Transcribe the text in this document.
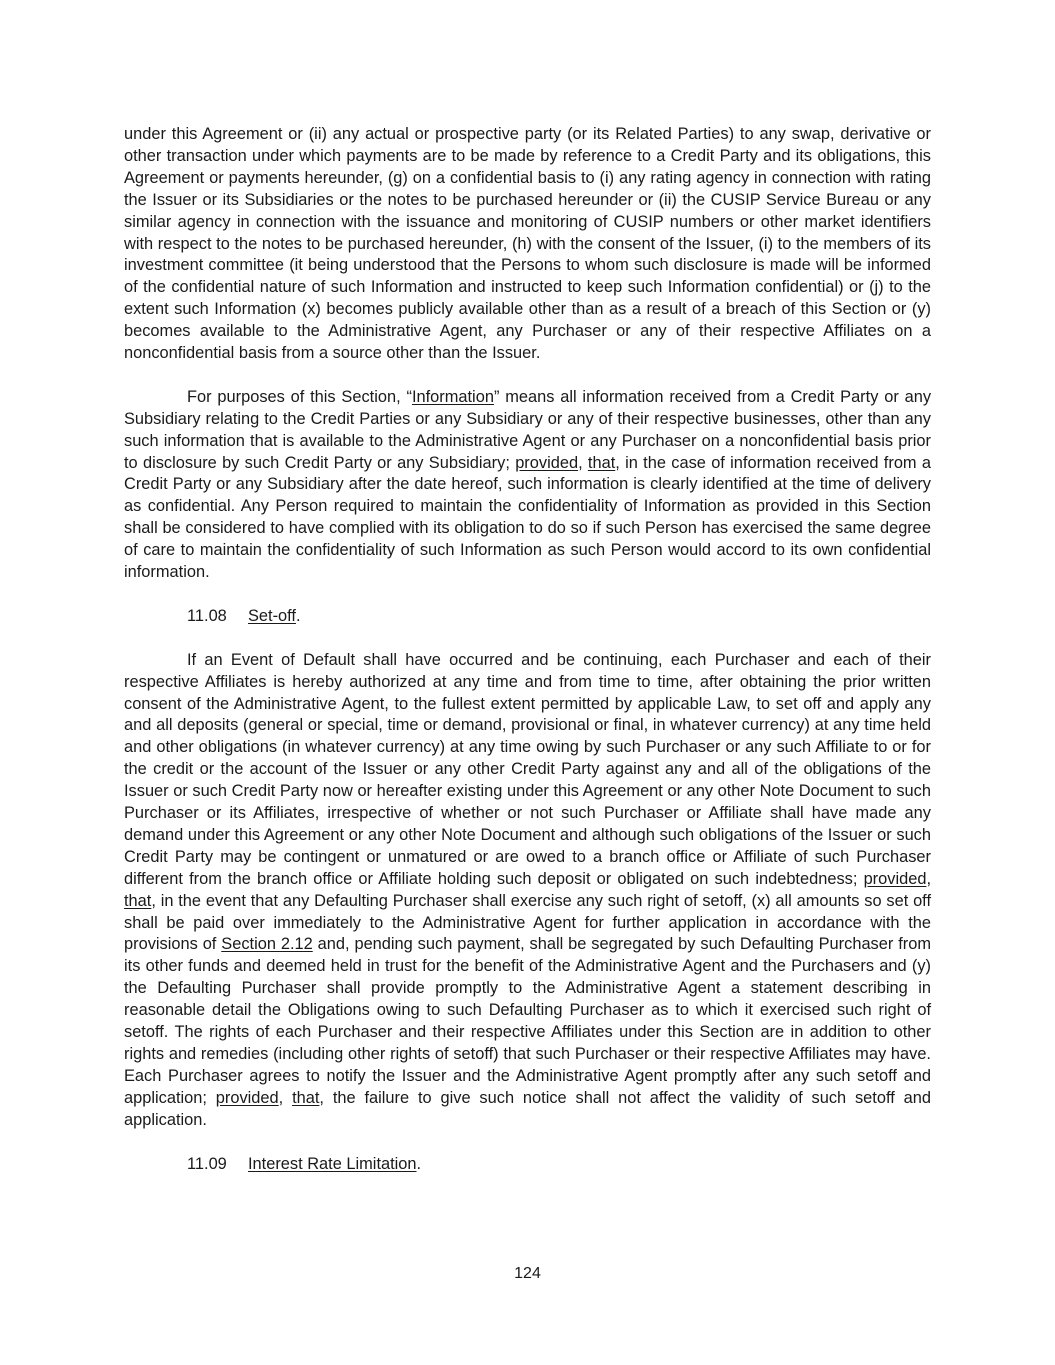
under this Agreement or (ii) any actual or prospective party (or its Related Parties) to any swap, derivative or other transaction under which payments are to be made by reference to a Credit Party and its obligations, this Agreement or payments hereunder, (g) on a confidential basis to (i) any rating agency in connection with rating the Issuer or its Subsidiaries or the notes to be purchased hereunder or (ii) the CUSIP Service Bureau or any similar agency in connection with the issuance and monitoring of CUSIP numbers or other market identifiers with respect to the notes to be purchased hereunder, (h) with the consent of the Issuer, (i) to the members of its investment committee (it being understood that the Persons to whom such disclosure is made will be informed of the confidential nature of such Information and instructed to keep such Information confidential) or (j) to the extent such Information (x) becomes publicly available other than as a result of a breach of this Section or (y) becomes available to the Administrative Agent, any Purchaser or any of their respective Affiliates on a nonconfidential basis from a source other than the Issuer.

For purposes of this Section, “Information” means all information received from a Credit Party or any Subsidiary relating to the Credit Parties or any Subsidiary or any of their respective businesses, other than any such information that is available to the Administrative Agent or any Purchaser on a nonconfidential basis prior to disclosure by such Credit Party or any Subsidiary; provided, that, in the case of information received from a Credit Party or any Subsidiary after the date hereof, such information is clearly identified at the time of delivery as confidential. Any Person required to maintain the confidentiality of Information as provided in this Section shall be considered to have complied with its obligation to do so if such Person has exercised the same degree of care to maintain the confidentiality of such Information as such Person would accord to its own confidential information.

11.08 Set-off.

If an Event of Default shall have occurred and be continuing, each Purchaser and each of their respective Affiliates is hereby authorized at any time and from time to time, after obtaining the prior written consent of the Administrative Agent, to the fullest extent permitted by applicable Law, to set off and apply any and all deposits (general or special, time or demand, provisional or final, in whatever currency) at any time held and other obligations (in whatever currency) at any time owing by such Purchaser or any such Affiliate to or for the credit or the account of the Issuer or any other Credit Party against any and all of the obligations of the Issuer or such Credit Party now or hereafter existing under this Agreement or any other Note Document to such Purchaser or its Affiliates, irrespective of whether or not such Purchaser or Affiliate shall have made any demand under this Agreement or any other Note Document and although such obligations of the Issuer or such Credit Party may be contingent or unmatured or are owed to a branch office or Affiliate of such Purchaser different from the branch office or Affiliate holding such deposit or obligated on such indebtedness; provided, that, in the event that any Defaulting Purchaser shall exercise any such right of setoff, (x) all amounts so set off shall be paid over immediately to the Administrative Agent for further application in accordance with the provisions of Section 2.12 and, pending such payment, shall be segregated by such Defaulting Purchaser from its other funds and deemed held in trust for the benefit of the Administrative Agent and the Purchasers and (y) the Defaulting Purchaser shall provide promptly to the Administrative Agent a statement describing in reasonable detail the Obligations owing to such Defaulting Purchaser as to which it exercised such right of setoff. The rights of each Purchaser and their respective Affiliates under this Section are in addition to other rights and remedies (including other rights of setoff) that such Purchaser or their respective Affiliates may have. Each Purchaser agrees to notify the Issuer and the Administrative Agent promptly after any such setoff and application; provided, that, the failure to give such notice shall not affect the validity of such setoff and application.

11.09 Interest Rate Limitation.

124
